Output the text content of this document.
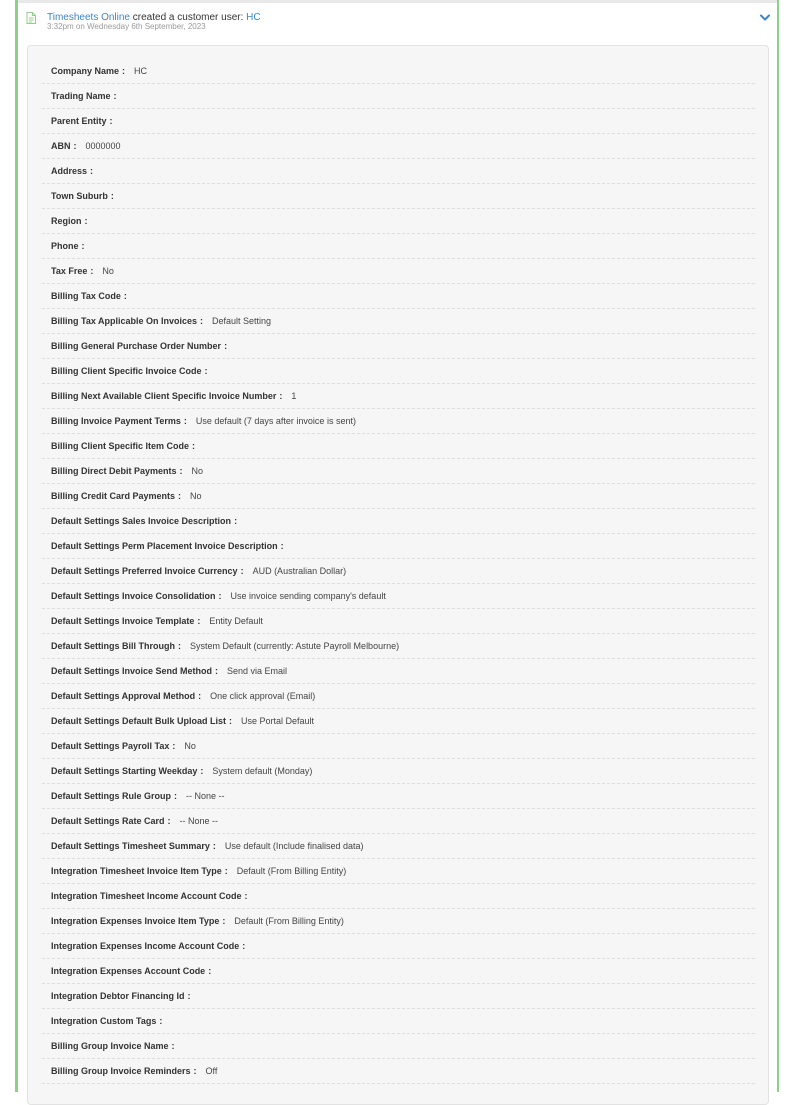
Timesheets Online created a customer user: HC
3:32pm on Wednesday 6th September, 2023
Company Name : HC
Trading Name :
Parent Entity :
ABN : 0000000
Address :
Town Suburb :
Region :
Phone :
Tax Free : No
Billing Tax Code :
Billing Tax Applicable On Invoices : Default Setting
Billing General Purchase Order Number :
Billing Client Specific Invoice Code :
Billing Next Available Client Specific Invoice Number : 1
Billing Invoice Payment Terms : Use default (7 days after invoice is sent)
Billing Client Specific Item Code :
Billing Direct Debit Payments : No
Billing Credit Card Payments : No
Default Settings Sales Invoice Description :
Default Settings Perm Placement Invoice Description :
Default Settings Preferred Invoice Currency : AUD (Australian Dollar)
Default Settings Invoice Consolidation : Use invoice sending company's default
Default Settings Invoice Template : Entity Default
Default Settings Bill Through : System Default (currently: Astute Payroll Melbourne)
Default Settings Invoice Send Method : Send via Email
Default Settings Approval Method : One click approval (Email)
Default Settings Default Bulk Upload List : Use Portal Default
Default Settings Payroll Tax : No
Default Settings Starting Weekday : System default (Monday)
Default Settings Rule Group : -- None --
Default Settings Rate Card : -- None --
Default Settings Timesheet Summary : Use default (Include finalised data)
Integration Timesheet Invoice Item Type : Default (From Billing Entity)
Integration Timesheet Income Account Code :
Integration Expenses Invoice Item Type : Default (From Billing Entity)
Integration Expenses Income Account Code :
Integration Expenses Account Code :
Integration Debtor Financing Id :
Integration Custom Tags :
Billing Group Invoice Name :
Billing Group Invoice Reminders : Off
